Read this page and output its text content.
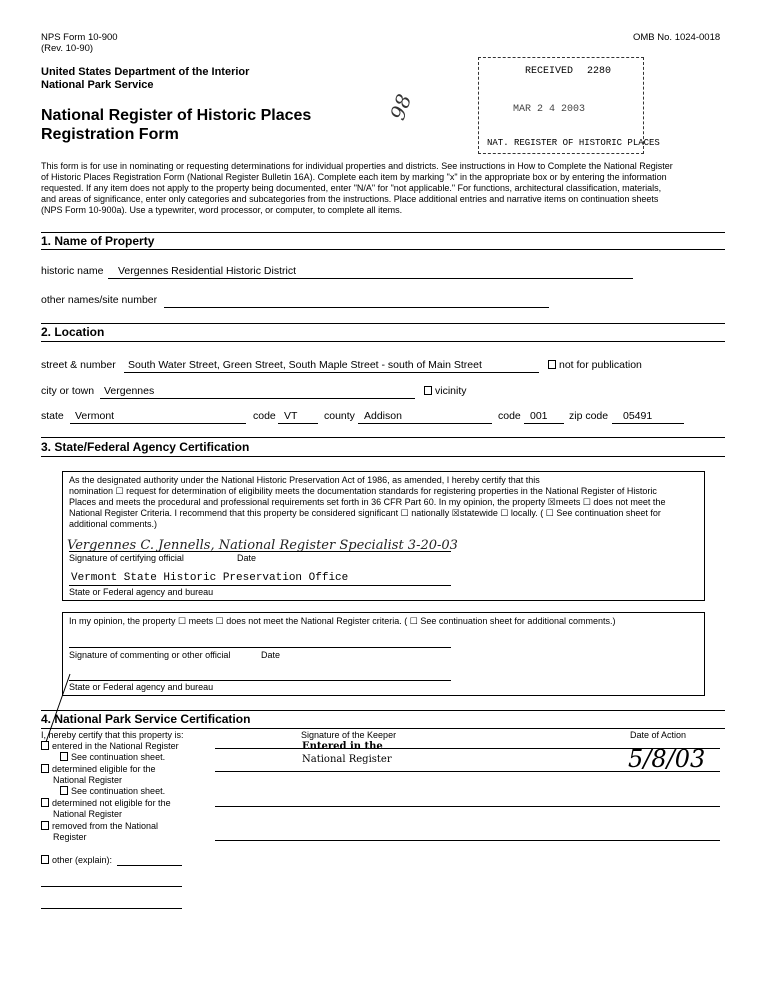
NPS Form 10-900
(Rev. 10-90)
OMB No. 1024-0018
United States Department of the Interior
National Park Service
National Register of Historic Places
Registration Form
98
RECEIVED 2280
MAR 2 4 2003
NAT. REGISTER OF HISTORIC PLACES
This form is for use in nominating or requesting determinations for individual properties and districts. See instructions in How to Complete the National Register
of Historic Places Registration Form (National Register Bulletin 16A). Complete each item by marking "x" in the appropriate box or by entering the information
requested. If any item does not apply to the property being documented, enter "N/A" for "not applicable." For functions, architectural classification, materials,
and areas of significance, enter only categories and subcategories from the instructions. Place additional entries and narrative items on continuation sheets
(NPS Form 10-900a). Use a typewriter, word processor, or computer, to complete all items.
1. Name of Property
historic name Vergennes Residential Historic District
other names/site number
2. Location
street & number South Water Street, Green Street, South Maple Street - south of Main Street	not for publication
city or town Vergennes	vicinity
state Vermont	code VT	county Addison	code 001 zip code 05491
3. State/Federal Agency Certification
As the designated authority under the National Historic Preservation Act of 1986, as amended, I hereby certify that this
nomination ☐ request for determination of eligibility meets the documentation standards for registering properties in the National Register of Historic
Places and meets the procedural and professional requirements set forth in 36 CFR Part 60. In my opinion, the property ☒meets ☐ does not meet the
National Register Criteria. I recommend that this property be considered significant ☐ nationally ☒statewide ☐ locally. ( ☐ See continuation sheet for
additional comments.)
Vergennes C. Jennells, National Register Specialist 3-20-03
Signature of certifying official	Date
Vermont State Historic Preservation Office
State or Federal agency and bureau
In my opinion, the property ☐ meets ☐ does not meet the National Register criteria. ( ☐ See continuation sheet for additional comments.)
Signature of commenting or other official	Date
State or Federal agency and bureau
4. National Park Service Certification
I, hereby certify that this property is:	Signature of the Keeper	Date of Action
entered in the National Register
See continuation sheet.
determined eligible for the
National Register
See continuation sheet.
determined not eligible for the
National Register
removed from the National
Register
other (explain):
Entered in the
National Register	5/8/03
